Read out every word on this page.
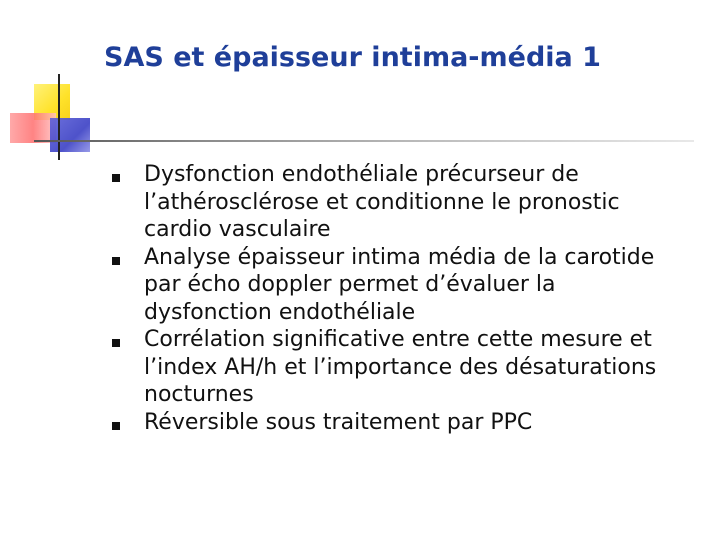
SAS et épaisseur intima-média 1
Dysfonction endothéliale précurseur de
l’athérosclérose et conditionne le pronostic
cardio vasculaire
Analyse épaisseur intima média de la carotide
par écho doppler permet d’évaluer la
dysfonction endothéliale
Corrélation significative entre cette mesure et
l’index AH/h et l’importance des désaturations
nocturnes
Réversible sous traitement par PPC
